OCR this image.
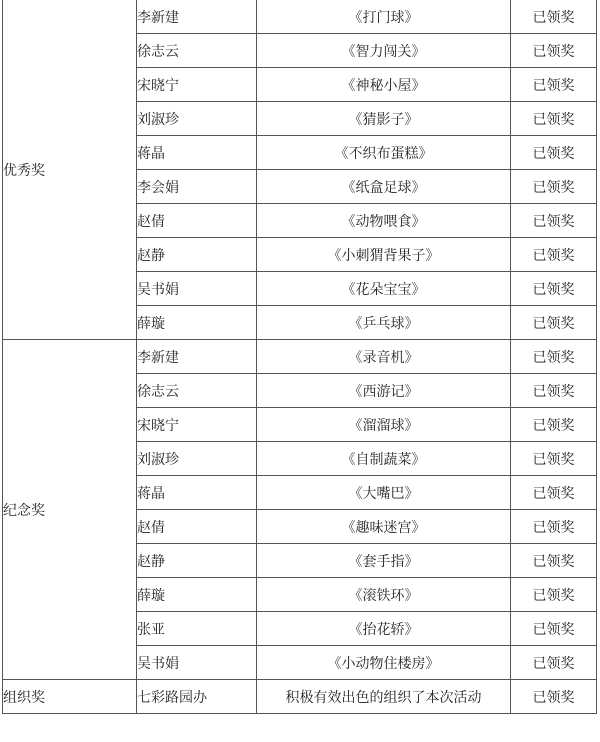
优秀奖	李新建	《打门球》	已领奖
	徐志云	《智力闯关》	已领奖
	宋晓宁	《神秘小屋》	已领奖
	刘淑珍	《猜影子》	已领奖
	蒋晶	《不织布蛋糕》	已领奖
	李会娟	《纸盒足球》	已领奖
	赵倩	《动物喂食》	已领奖
	赵静	《小刺猬背果子》	已领奖
	吴书娟	《花朵宝宝》	已领奖
	薛璇	《乒乓球》	已领奖
纪念奖	李新建	《录音机》	已领奖
	徐志云	《西游记》	已领奖
	宋晓宁	《溜溜球》	已领奖
	刘淑珍	《自制蔬菜》	已领奖
	蒋晶	《大嘴巴》	已领奖
	赵倩	《趣味迷宫》	已领奖
	赵静	《套手指》	已领奖
	薛璇	《滚铁环》	已领奖
	张亚	《抬花轿》	已领奖
	吴书娟	《小动物住楼房》	已领奖
组织奖	七彩路园办	积极有效出色的组织了本次活动	已领奖
